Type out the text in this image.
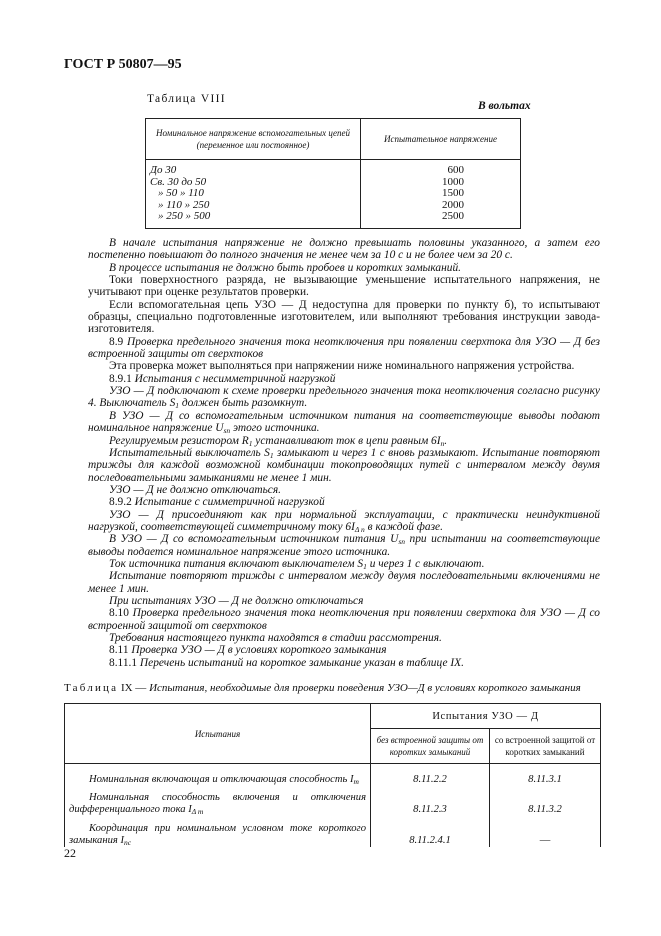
ГОСТ Р 50807—95
Таблица VIII
В вольтах
Номинальное напряжение вспомогательных цепей (переменное или постоянное)	Испытательное напряжение
До 30	600
Св. 30 до 50	1000
» 50 » 110	1500
» 110 » 250	2000
» 250 » 500	2500

В начале испытания напряжение не должно превышать половины указанного, а затем его постепенно повышают до полного значения не менее чем за 10 с и не более чем за 20 с.

В процессе испытания не должно быть пробоев и коротких замыканий.

Токи поверхностного разряда, не вызывающие уменьшение испытательного напряжения, не учитывают при оценке результатов проверки.

Если вспомогательная цепь УЗО — Д недоступна для проверки по пункту б), то испытывают образцы, специально подготовленные изготовителем, или выполняют требования инструкции завода-изготовителя.

8.9 Проверка предельного значения тока неотключения при появлении сверхтока для УЗО — Д без встроенной защиты от сверхтоков

Эта проверка может выполняться при напряжении ниже номинального напряжения устройства.

8.9.1 Испытания с несимметричной нагрузкой

УЗО — Д подключают к схеме проверки предельного значения тока неотключения согласно рисунку 4. Выключатель $S_1$ должен быть разомкнут.

В УЗО — Д со вспомогательным источником питания на соответствующие выводы подают номинальное напряжение $U_{sn}$ этого источника.

Регулируемым резистором $R_1$ устанавливают ток в цепи равным $6I_n$.

Испытательный выключатель $S_1$ замыкают и через 1 с вновь размыкают. Испытание повторяют трижды для каждой возможной комбинации токопроводящих путей с интервалом между двумя последовательными замыканиями не менее 1 мин.

УЗО — Д не должно отключаться.

8.9.2 Испытание с симметричной нагрузкой

УЗО — Д присоединяют как при нормальной эксплуатации, с практически неиндуктивной нагрузкой, соответствующей симметричному току $6I_{\Delta n}$ в каждой фазе.

В УЗО — Д со вспомогательным источником питания $U_{sn}$ при испытании на соответствующие выводы подается номинальное напряжение этого источника.

Ток источника питания включают выключателем $S_1$ и через 1 с выключают.

Испытание повторяют трижды с интервалом между двумя последовательными включениями не менее 1 мин.

При испытаниях УЗО — Д не должно отключаться

8.10 Проверка предельного значения тока неотключения при появлении сверхтока для УЗО — Д со встроенной защитой от сверхтоков

Требования настоящего пункта находятся в стадии рассмотрения.

8.11 Проверка УЗО — Д в условиях короткого замыкания

8.11.1 Перечень испытаний на короткое замыкание указан в таблице IX.

Таблица IX — Испытания, необходимые для проверки поведения УЗО—Д в условиях короткого замыкания
Испытания	Испытания УЗО — Д	
	без встроенной защиты от коротких замыканий	со встроенной защитой от коротких замыканий
Номинальная включающая и отключающая способность $I_m$	8.11.2.2	8.11.3.1
Номинальная способность включения и отключения дифференциального тока $I_{\Delta m}$	8.11.2.3	8.11.3.2
Координация при номинальном условном токе короткого замыкания $I_{nc}$	8.11.2.4.1	—
22
